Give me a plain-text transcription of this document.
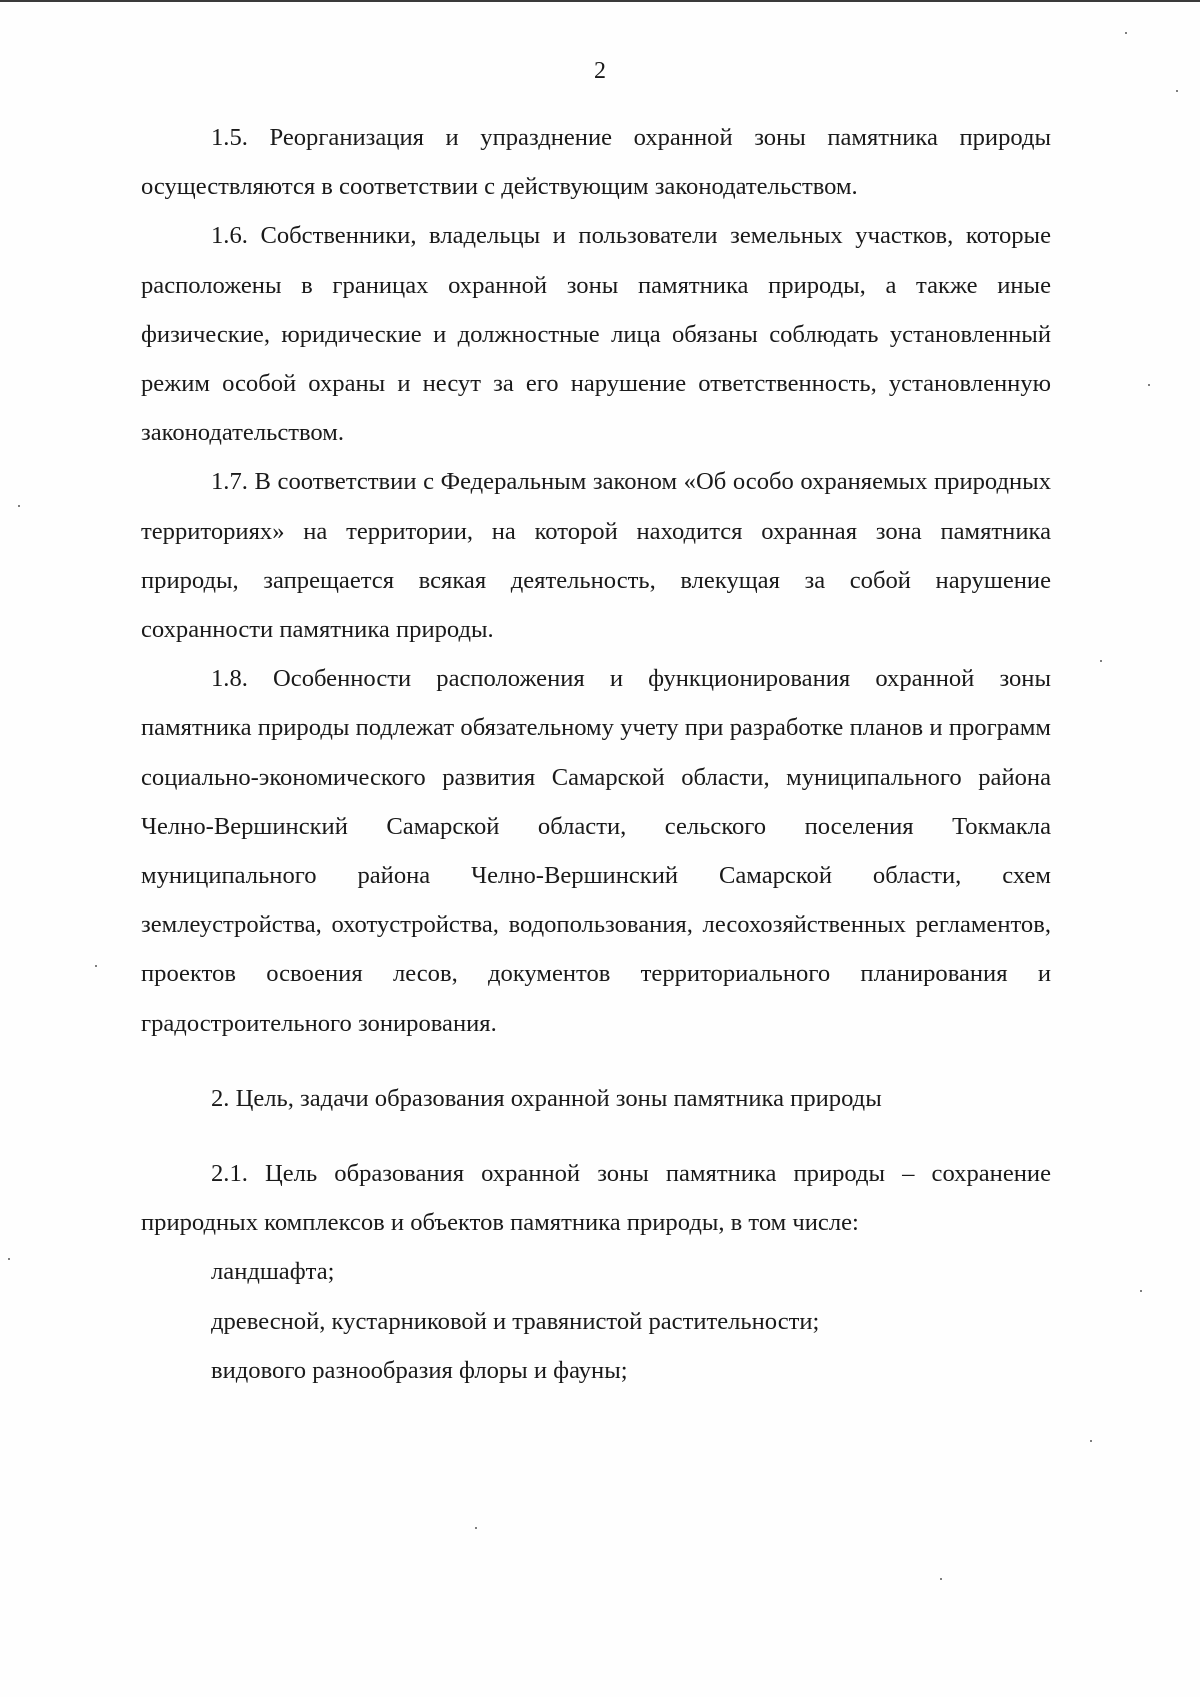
2

1.5. Реорганизация и упразднение охранной зоны памятника природы осуществляются в соответствии с действующим законодательством.

1.6. Собственники, владельцы и пользователи земельных участков, которые расположены в границах охранной зоны памятника природы, а также иные физические, юридические и должностные лица обязаны соблюдать установленный режим особой охраны и несут за его нарушение ответственность, установленную законодательством.

1.7. В соответствии с Федеральным законом «Об особо охраняемых природных территориях» на территории, на которой находится охранная зона памятника природы, запрещается всякая деятельность, влекущая за собой нарушение сохранности памятника природы.

1.8. Особенности расположения и функционирования охранной зоны памятника природы подлежат обязательному учету при разработке планов и программ социально-экономического развития Самарской области, муниципального района Челно-Вершинский Самарской области, сельского поселения Токмакла муниципального района Челно-Вершинский Самарской области, схем землеустройства, охотустройства, водопользования, лесохозяйственных регламентов, проектов освоения лесов, документов территориального планирования и градостроительного зонирования.

2. Цель, задачи образования охранной зоны памятника природы

2.1. Цель образования охранной зоны памятника природы – сохранение природных комплексов и объектов памятника природы, в том числе:

ландшафта;

древесной, кустарниковой и травянистой растительности;

видового разнообразия флоры и фауны;
